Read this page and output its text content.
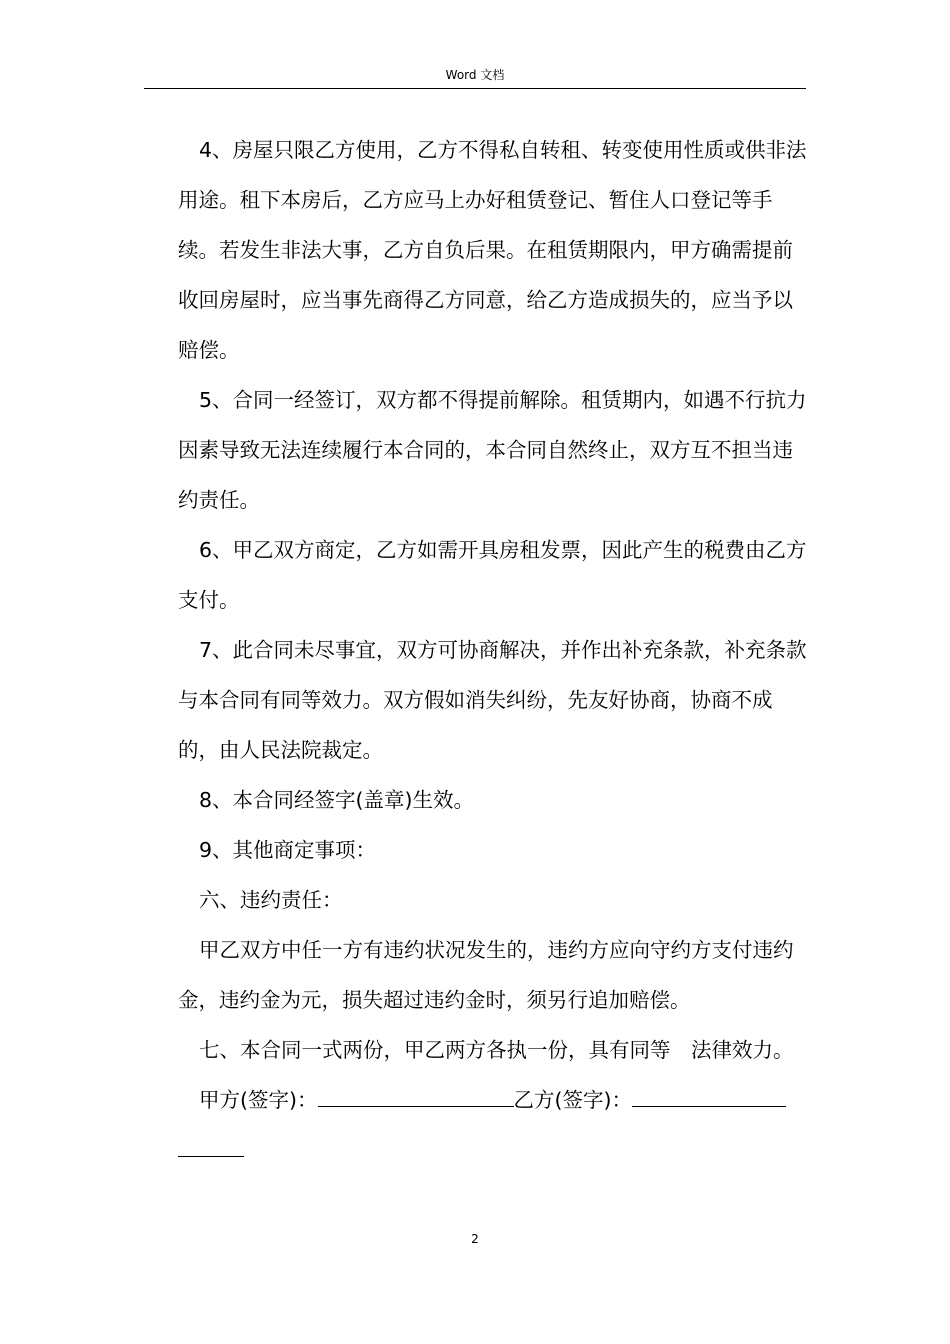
Word 文档

4、房屋只限乙方使用，乙方不得私自转租、转变使用性质或供非法用途。租下本房后，乙方应马上办好租赁登记、暂住人口登记等手续。若发生非法大事，乙方自负后果。在租赁期限内，甲方确需提前收回房屋时，应当事先商得乙方同意，给乙方造成损失的，应当予以赔偿。

5、合同一经签订，双方都不得提前解除。租赁期内，如遇不行抗力因素导致无法连续履行本合同的，本合同自然终止，双方互不担当违约责任。

6、甲乙双方商定，乙方如需开具房租发票，因此产生的税费由乙方支付。

7、此合同未尽事宜，双方可协商解决，并作出补充条款，补充条款与本合同有同等效力。双方假如消失纠纷，先友好协商，协商不成的，由人民法院裁定。

8、本合同经签字(盖章)生效。

9、其他商定事项：

六、违约责任：

甲乙双方中任一方有违约状况发生的，违约方应向守约方支付违约金，违约金为元，损失超过违约金时，须另行追加赔偿。

七、本合同一式两份，甲乙两方各执一份，具有同等　法律效力。

甲方(签字)：	乙方(签字)：

2
